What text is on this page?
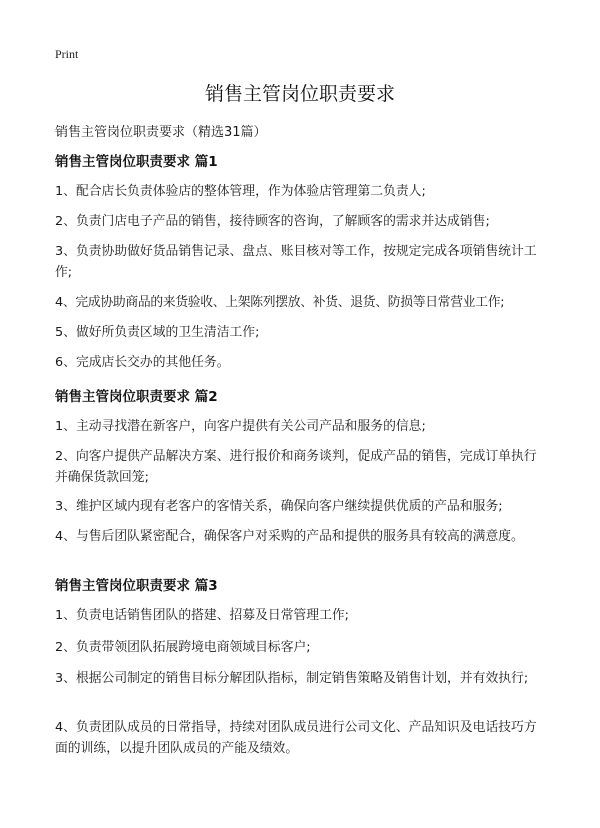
Print
销售主管岗位职责要求
销售主管岗位职责要求（精选31篇）
销售主管岗位职责要求 篇1

1、配合店长负责体验店的整体管理，作为体验店管理第二负责人;

2、负责门店电子产品的销售，接待顾客的咨询，了解顾客的需求并达成销售;

3、负责协助做好货品销售记录、盘点、账目核对等工作，按规定完成各项销售统计工作;

4、完成协助商品的来货验收、上架陈列摆放、补货、退货、防损等日常营业工作;

5、做好所负责区域的卫生清洁工作;

6、完成店长交办的其他任务。

销售主管岗位职责要求 篇2

1、主动寻找潜在新客户，向客户提供有关公司产品和服务的信息;

2、向客户提供产品解决方案、进行报价和商务谈判，促成产品的销售，完成订单执行并确保货款回笼;

3、维护区域内现有老客户的客情关系，确保向客户继续提供优质的产品和服务;

4、与售后团队紧密配合，确保客户对采购的产品和提供的服务具有较高的满意度。

销售主管岗位职责要求 篇3

1、负责电话销售团队的搭建、招募及日常管理工作;

2、负责带领团队拓展跨境电商领域目标客户;

3、根据公司制定的销售目标分解团队指标，制定销售策略及销售计划，并有效执行;

4、负责团队成员的日常指导，持续对团队成员进行公司文化、产品知识及电话技巧方面的训练，以提升团队成员的产能及绩效。
